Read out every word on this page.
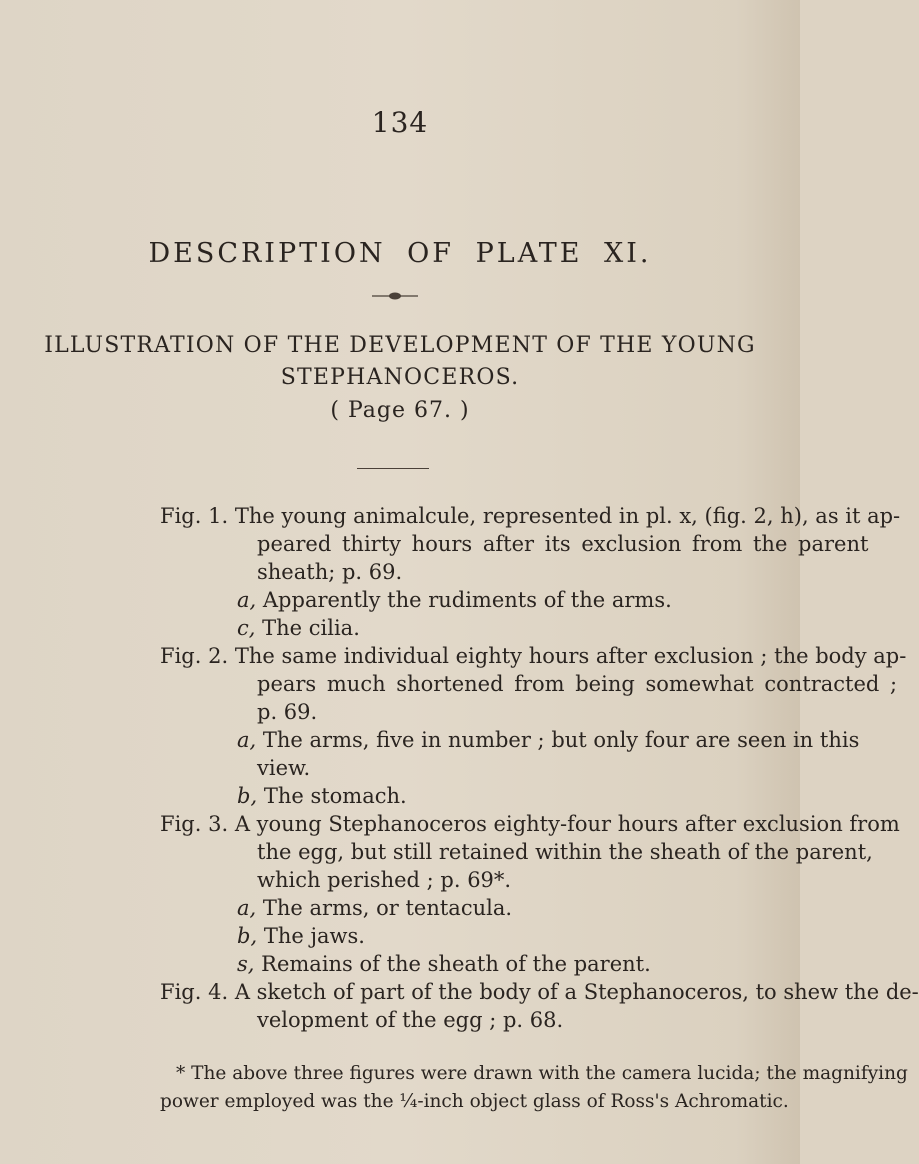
134
DESCRIPTION OF PLATE XI.
ILLUSTRATION OF THE DEVELOPMENT OF THE YOUNG
STEPHANOCEROS.
( Page 67. )
Fig. 1. The young animalcule, represented in pl. x, (fig. 2, h), as it ap-
peared thirty hours after its exclusion from the parent
sheath; p. 69.
a, Apparently the rudiments of the arms.
c, The cilia.
Fig. 2. The same individual eighty hours after exclusion ; the body ap-
pears much shortened from being somewhat contracted ;
p. 69.
a, The arms, five in number ; but only four are seen in this
view.
b, The stomach.
Fig. 3. A young Stephanoceros eighty-four hours after exclusion from
the egg, but still retained within the sheath of the parent,
which perished ; p. 69*.
a, The arms, or tentacula.
b, The jaws.
s, Remains of the sheath of the parent.
Fig. 4. A sketch of part of the body of a Stephanoceros, to shew the de-
velopment of the egg ; p. 68.
* The above three figures were drawn with the camera lucida; the magnifying
power employed was the ¼-inch object glass of Ross's Achromatic.
